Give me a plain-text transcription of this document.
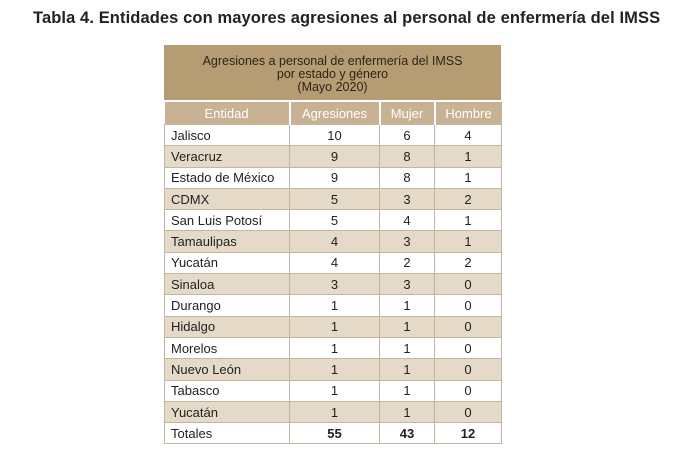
Tabla 4. Entidades con mayores agresiones al personal de enfermería del IMSS
Agresiones a personal de enfermería del IMSS
por estado y género
(Mayo 2020)
Entidad	Agresiones	Mujer	Hombre
Jalisco	10	6	4
Veracruz	9	8	1
Estado de México	9	8	1
CDMX	5	3	2
San Luis Potosí	5	4	1
Tamaulipas	4	3	1
Yucatán	4	2	2
Sinaloa	3	3	0
Durango	1	1	0
Hidalgo	1	1	0
Morelos	1	1	0
Nuevo León	1	1	0
Tabasco	1	1	0
Yucatán	1	1	0
Totales	55	43	12
